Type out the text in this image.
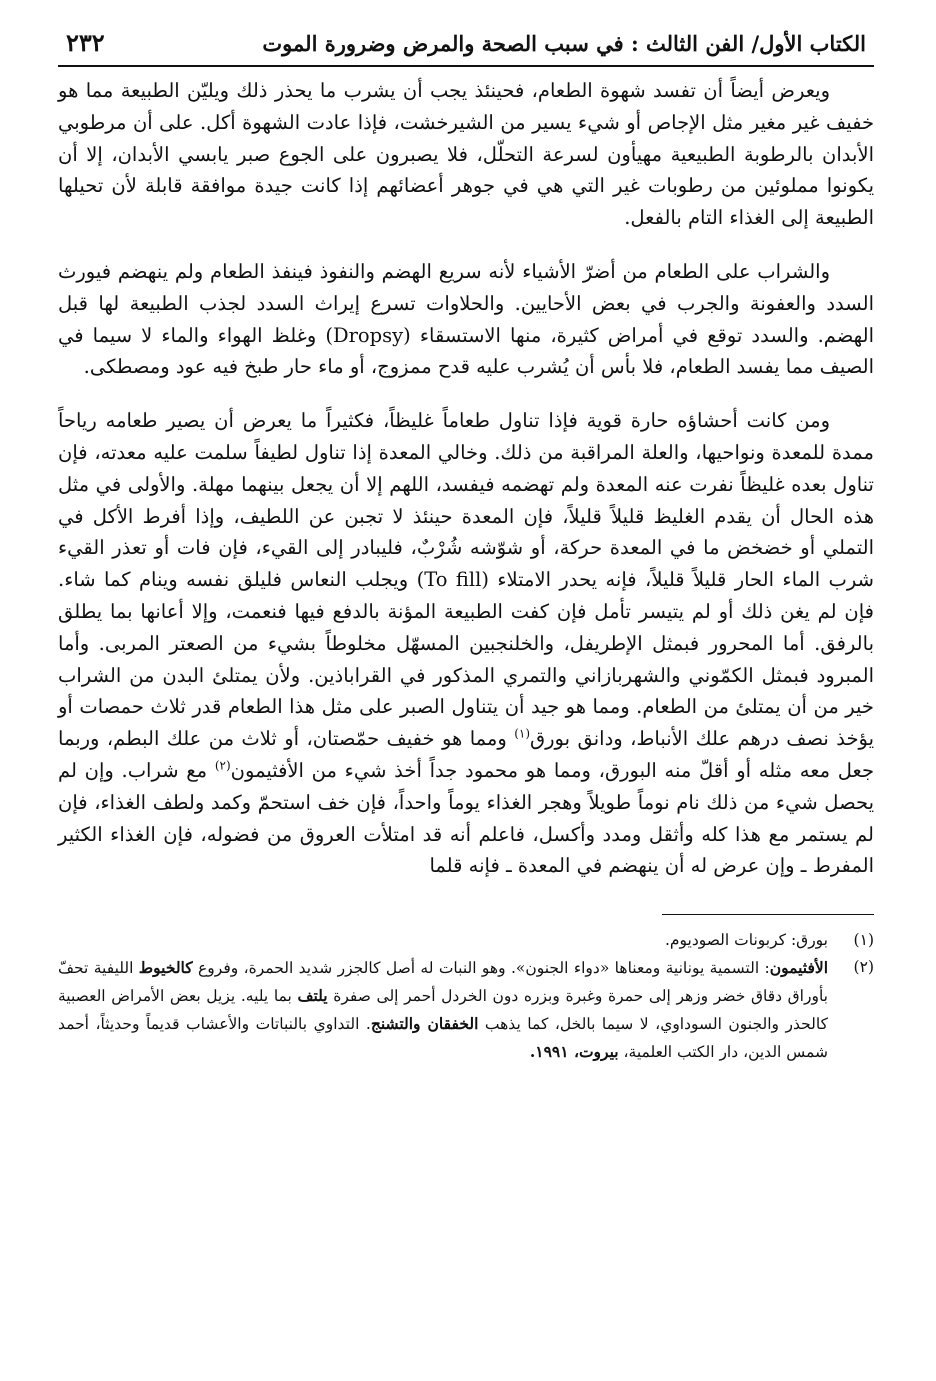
الكتاب الأول/ الفن الثالث : في سبب الصحة والمرض وضرورة الموت
٢٣٢

ويعرض أيضاً أن تفسد شهوة الطعام، فحينئذ يجب أن يشرب ما يحذر ذلك ويليّن الطبيعة مما هو خفيف غير مغير مثل الإجاص أو شيء يسير من الشيرخشت، فإذا عادت الشهوة أكل. على أن مرطوبي الأبدان بالرطوبة الطبيعية مهيأون لسرعة التحلّل، فلا يصبرون على الجوع صبر يابسي الأبدان، إلا أن يكونوا مملوئين من رطوبات غير التي هي في جوهر أعضائهم إذا كانت جيدة موافقة قابلة لأن تحيلها الطبيعة إلى الغذاء التام بالفعل.

والشراب على الطعام من أضرّ الأشياء لأنه سريع الهضم والنفوذ فينفذ الطعام ولم ينهضم فيورث السدد والعفونة والجرب في بعض الأحايين. والحلاوات تسرع إيراث السدد لجذب الطبيعة لها قبل الهضم. والسدد توقع في أمراض كثيرة، منها الاستسقاء (Dropsy) وغلظ الهواء والماء لا سيما في الصيف مما يفسد الطعام، فلا بأس أن يُشرب عليه قدح ممزوج، أو ماء حار طبخ فيه عود ومصطكى.

ومن كانت أحشاؤه حارة قوية فإذا تناول طعاماً غليظاً، فكثيراً ما يعرض أن يصير طعامه رياحاً ممدة للمعدة ونواحيها، والعلة المراقبة من ذلك. وخالي المعدة إذا تناول لطيفاً سلمت عليه معدته، فإن تناول بعده غليظاً نفرت عنه المعدة ولم تهضمه فيفسد، اللهم إلا أن يجعل بينهما مهلة. والأولى في مثل هذه الحال أن يقدم الغليظ قليلاً قليلاً، فإن المعدة حينئذ لا تجبن عن اللطيف، وإذا أفرط الأكل في التملي أو خضخض ما في المعدة حركة، أو شوّشه شُرْبٌ، فليبادر إلى القيء، فإن فات أو تعذر القيء شرب الماء الحار قليلاً قليلاً، فإنه يحدر الامتلاء (To fill) ويجلب النعاس فليلق نفسه وينام كما شاء. فإن لم يغن ذلك أو لم يتيسر تأمل فإن كفت الطبيعة المؤنة بالدفع فيها فنعمت، وإلا أعانها بما يطلق بالرفق. أما المحرور فبمثل الإطريفل، والخلنجبين المسهّل مخلوطاً بشيء من الصعتر المربى. وأما المبرود فبمثل الكمّوني والشهربازاني والتمري المذكور في القراباذين. ولأن يمتلئ البدن من الشراب خير من أن يمتلئ من الطعام. ومما هو جيد أن يتناول الصبر على مثل هذا الطعام قدر ثلاث حمصات أو يؤخذ نصف درهم علك الأنباط، ودانق بورق$^{(١)}$ ومما هو خفيف حمّصتان، أو ثلاث من علك البطم، وربما جعل معه مثله أو أقلّ منه البورق، ومما هو محمود جداً أخذ شيء من الأفثيمون$^{(٢)}$ مع شراب. وإن لم يحصل شيء من ذلك نام نوماً طويلاً وهجر الغذاء يوماً واحداً، فإن خف استحمّ وكمد ولطف الغذاء، فإن لم يستمر مع هذا كله وأثقل ومدد وأكسل، فاعلم أنه قد امتلأت العروق من فضوله، فإن الغذاء الكثير المفرط ـ وإن عرض له أن ينهضم في المعدة ـ فإنه قلما

(١)
بورق: كربونات الصوديوم.
(٢)
الأفثيمون: التسمية يونانية ومعناها «دواء الجنون». وهو النبات له أصل كالجزر شديد الحمرة، وفروع كالخيوط الليفية تحفّ بأوراق دقاق خضر وزهر إلى حمرة وغبرة وبزره دون الخردل أحمر إلى صفرة يلتف بما يليه. يزيل بعض الأمراض العصبية كالحذر والجنون السوداوي، لا سيما بالخل، كما يذهب الخفقان والتشنج. التداوي بالنباتات والأعشاب قديماً وحديثاً، أحمد شمس الدين، دار الكتب العلمية، بيروت، ١٩٩١.
